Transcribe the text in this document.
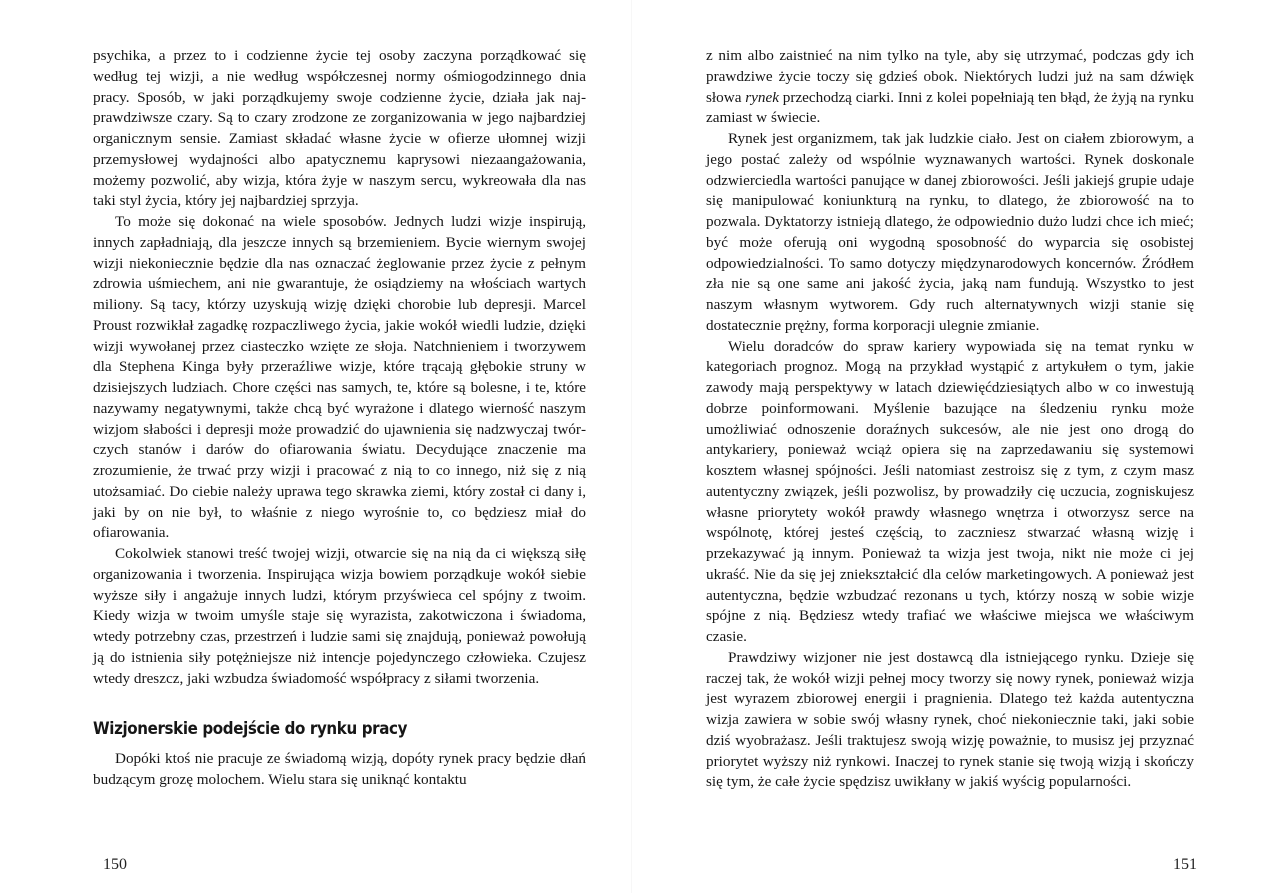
psychika, a przez to i codzienne życie tej osoby zaczyna porządkować się według tej wizji, a nie według współczesnej normy ośmiogodzinnego dnia pracy. Sposób, w jaki porządkujemy swoje codzienne życie, działa jak najprawdziwsze czary. Są to czary zrodzone ze zorganizowania w jego najbardziej organicznym sensie. Zamiast składać własne życie w ofierze ułomnej wizji przemysłowej wydajności albo apatycznemu kaprysowi niezaangażowania, możemy pozwolić, aby wizja, która żyje w naszym sercu, wykreowała dla nas taki styl życia, który jej najbardziej sprzyja.

To może się dokonać na wiele sposobów. Jednych ludzi wizje inspirują, innych zapładniają, dla jeszcze innych są brzemieniem. Bycie wiernym swojej wizji niekoniecznie będzie dla nas oznaczać żeglowanie przez życie z pełnym zdrowia uśmiechem, ani nie gwarantuje, że osiądziemy na włościach wartych miliony. Są tacy, którzy uzyskują wizję dzięki chorobie lub depresji. Marcel Proust rozwikłał zagadkę rozpaczliwego życia, jakie wokół wiedli ludzie, dzięki wizji wywołanej przez ciasteczko wzięte ze słoja. Natchnieniem i tworzywem dla Stephena Kinga były przeraźliwe wizje, które trącają głębokie struny w dzisiejszych ludziach. Chore części nas samych, te, które są bolesne, i te, które nazywamy negatywnymi, także chcą być wyrażone i dlatego wierność naszym wizjom słabości i depresji może prowadzić do ujawnienia się nadzwyczaj twórczych stanów i darów do ofiarowania światu. Decydujące znaczenie ma zrozumienie, że trwać przy wizji i pracować z nią to co innego, niż się z nią utożsamiać. Do ciebie należy uprawa tego skrawka ziemi, który został ci dany i, jaki by on nie był, to właśnie z niego wyrośnie to, co będziesz miał do ofiarowania.

Cokolwiek stanowi treść twojej wizji, otwarcie się na nią da ci większą siłę organizowania i tworzenia. Inspirująca wizja bowiem porządkuje wokół siebie wyższe siły i angażuje innych ludzi, którym przyświeca cel spójny z twoim. Kiedy wizja w twoim umyśle staje się wyrazista, zakotwiczona i świadoma, wtedy potrzebny czas, przestrzeń i ludzie sami się znajdują, ponieważ powołują ją do istnienia siły potężniejsze niż intencje pojedynczego człowieka. Czujesz wtedy dreszcz, jaki wzbudza świadomość współpracy z siłami tworzenia.

Wizjonerskie podejście do rynku pracy

Dopóki ktoś nie pracuje ze świadomą wizją, dopóty rynek pracy będzie dłań budzącym grozę molochem. Wielu stara się uniknąć kontaktu

z nim albo zaistnieć na nim tylko na tyle, aby się utrzymać, podczas gdy ich prawdziwe życie toczy się gdzieś obok. Niektórych ludzi już na sam dźwięk słowa rynek przechodzą ciarki. Inni z kolei popełniają ten błąd, że żyją na rynku zamiast w świecie.

Rynek jest organizmem, tak jak ludzkie ciało. Jest on ciałem zbiorowym, a jego postać zależy od wspólnie wyznawanych wartości. Rynek doskonale odzwierciedla wartości panujące w danej zbiorowości. Jeśli jakiejś grupie udaje się manipulować koniunkturą na rynku, to dlatego, że zbiorowość na to pozwala. Dyktatorzy istnieją dlatego, że odpowiednio dużo ludzi chce ich mieć; być może oferują oni wygodną sposobność do wyparcia się osobistej odpowiedzialności. To samo dotyczy międzynarodowych koncernów. Źródłem zła nie są one same ani jakość życia, jaką nam fundują. Wszystko to jest naszym własnym wytworem. Gdy ruch alternatywnych wizji stanie się dostatecznie prężny, forma korporacji ulegnie zmianie.

Wielu doradców do spraw kariery wypowiada się na temat rynku w kategoriach prognoz. Mogą na przykład wystąpić z artykułem o tym, jakie zawody mają perspektywy w latach dziewięćdziesiątych albo w co inwestują dobrze poinformowani. Myślenie bazujące na śledzeniu rynku może umożliwiać odnoszenie doraźnych sukcesów, ale nie jest ono drogą do antykariery, ponieważ wciąż opiera się na zaprzedawaniu się systemowi kosztem własnej spójności. Jeśli natomiast zestroisz się z tym, z czym masz autentyczny związek, jeśli pozwolisz, by prowadziły cię uczucia, zogniskujesz własne priorytety wokół prawdy własnego wnętrza i otworzysz serce na wspólnotę, której jesteś częścią, to zaczniesz stwarzać własną wizję i przekazywać ją innym. Ponieważ ta wizja jest twoja, nikt nie może ci jej ukraść. Nie da się jej zniekształcić dla celów marketingowych. A ponieważ jest autentyczna, będzie wzbudzać rezonans u tych, którzy noszą w sobie wizje spójne z nią. Będziesz wtedy trafiać we właściwe miejsca we właściwym czasie.

Prawdziwy wizjoner nie jest dostawcą dla istniejącego rynku. Dzieje się raczej tak, że wokół wizji pełnej mocy tworzy się nowy rynek, ponieważ wizja jest wyrazem zbiorowej energii i pragnienia. Dlatego też każda autentyczna wizja zawiera w sobie swój własny rynek, choć niekoniecznie taki, jaki sobie dziś wyobrażasz. Jeśli traktujesz swoją wizję poważnie, to musisz jej przyznać priorytet wyższy niż rynkowi. Inaczej to rynek stanie się twoją wizją i skończy się tym, że całe życie spędzisz uwikłany w jakiś wyścig popularności.

150	151
